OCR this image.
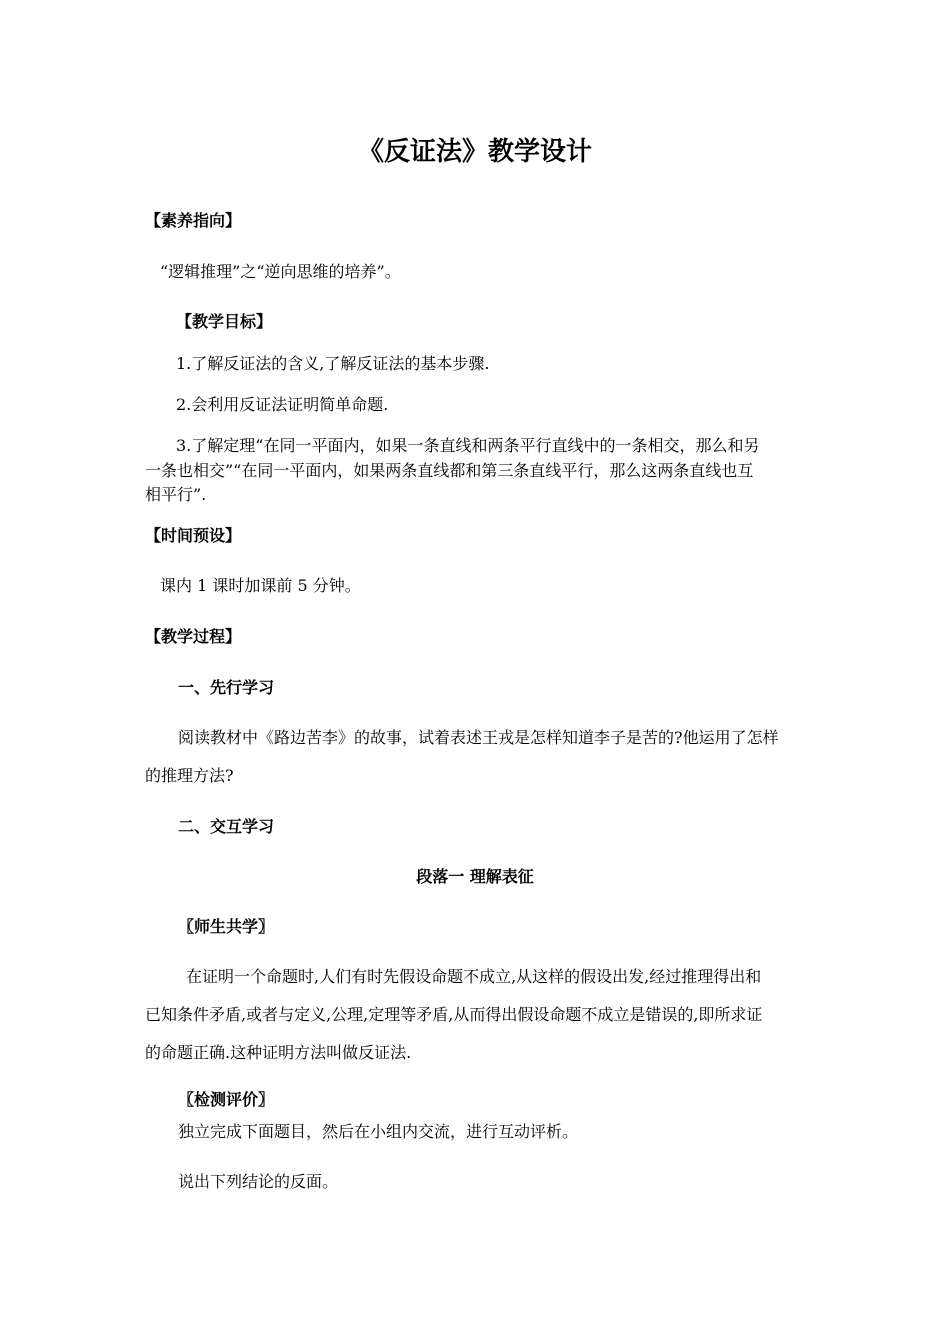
《反证法》教学设计
【素养指向】
“逻辑推理”之“逆向思维的培养”。
【教学目标】
1.了解反证法的含义,了解反证法的基本步骤.
2.会利用反证法证明简单命题.
3.了解定理“在同一平面内，如果一条直线和两条平行直线中的一条相交，那么和另
一条也相交”“在同一平面内，如果两条直线都和第三条直线平行，那么这两条直线也互
相平行”.
【时间预设】
课内 1 课时加课前 5 分钟。
【教学过程】
一、先行学习
阅读教材中《路边苦李》的故事，试着表述王戎是怎样知道李子是苦的?他运用了怎样
的推理方法?
二、交互学习
段落一 理解表征
〖师生共学〗
在证明一个命题时,人们有时先假设命题不成立,从这样的假设出发,经过推理得出和
已知条件矛盾,或者与定义,公理,定理等矛盾,从而得出假设命题不成立是错误的,即所求证
的命题正确.这种证明方法叫做反证法.
〖检测评价〗
独立完成下面题目，然后在小组内交流，进行互动评析。
说出下列结论的反面。
